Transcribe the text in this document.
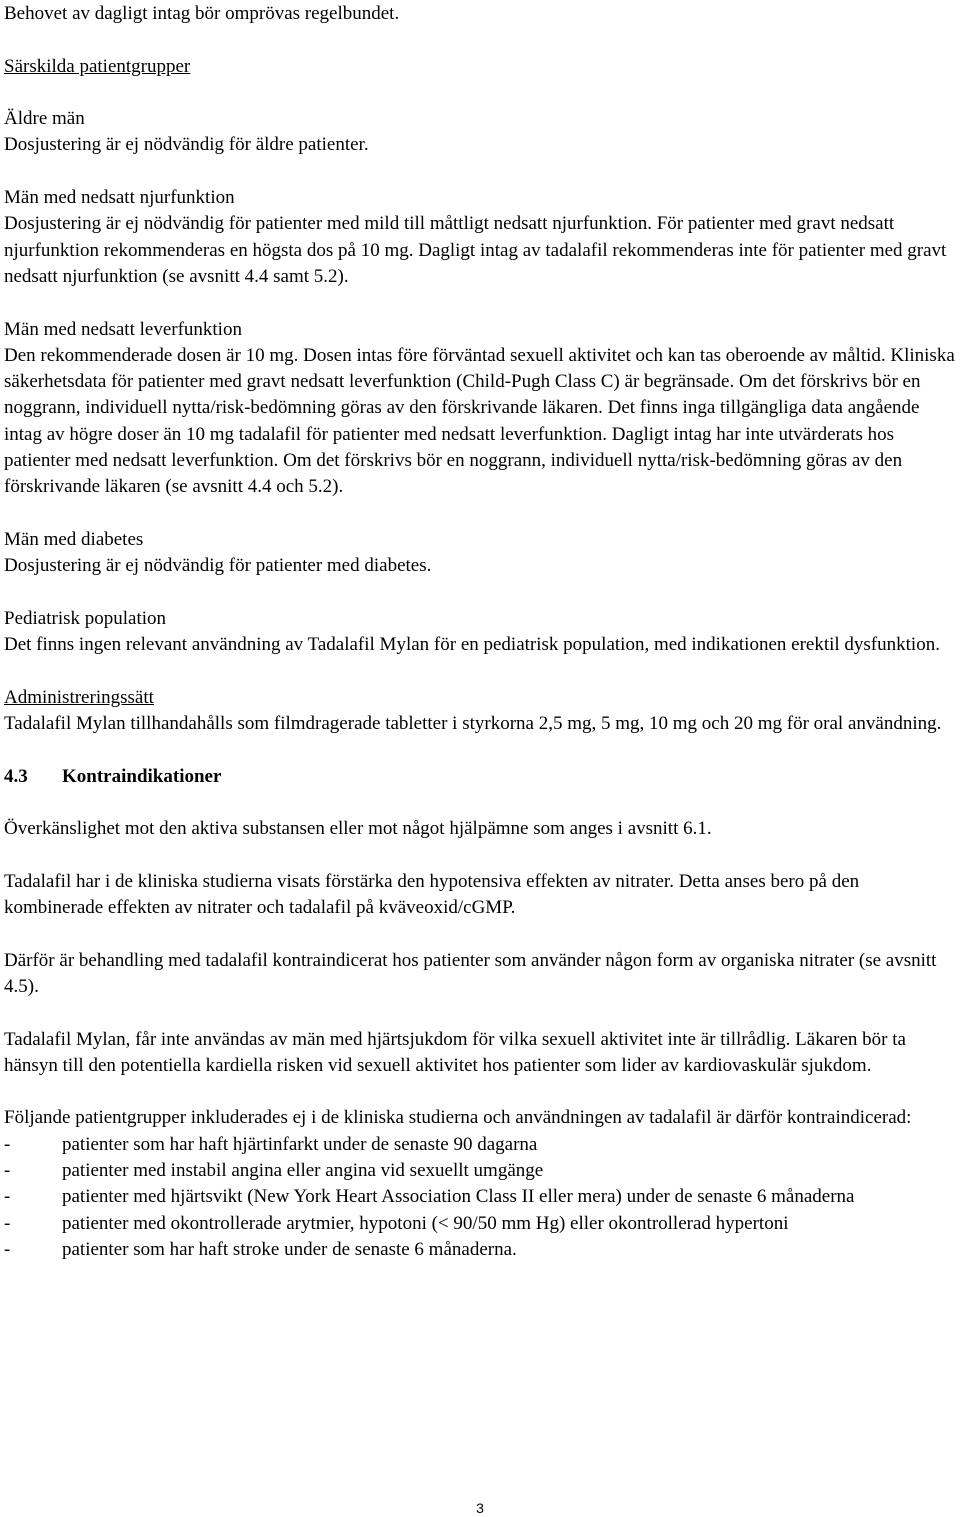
Behovet av dagligt intag bör omprövas regelbundet.

Särskilda patientgrupper

Äldre män

Dosjustering är ej nödvändig för äldre patienter.

Män med nedsatt njurfunktion

Dosjustering är ej nödvändig för patienter med mild till måttligt nedsatt njurfunktion. För patienter med gravt nedsatt njurfunktion rekommenderas en högsta dos på 10 mg. Dagligt intag av tadalafil rekommenderas inte för patienter med gravt nedsatt njurfunktion (se avsnitt 4.4 samt 5.2).

Män med nedsatt leverfunktion

Den rekommenderade dosen är 10 mg. Dosen intas före förväntad sexuell aktivitet och kan tas oberoende av måltid. Kliniska säkerhetsdata för patienter med gravt nedsatt leverfunktion (Child-Pugh Class C) är begränsade. Om det förskrivs bör en noggrann, individuell nytta/risk-bedömning göras av den förskrivande läkaren. Det finns inga tillgängliga data angående intag av högre doser än 10 mg tadalafil för patienter med nedsatt leverfunktion. Dagligt intag har inte utvärderats hos patienter med nedsatt leverfunktion. Om det förskrivs bör en noggrann, individuell nytta/risk-bedömning göras av den förskrivande läkaren (se avsnitt 4.4 och 5.2).

Män med diabetes

Dosjustering är ej nödvändig för patienter med diabetes.

Pediatrisk population

Det finns ingen relevant användning av Tadalafil Mylan för en pediatrisk population, med indikationen erektil dysfunktion.

Administreringssätt

Tadalafil Mylan tillhandahålls som filmdragerade tabletter i styrkorna 2,5 mg, 5 mg, 10 mg och 20 mg för oral användning.

4.3 Kontraindikationer

Överkänslighet mot den aktiva substansen eller mot något hjälpämne som anges i avsnitt 6.1.

Tadalafil har i de kliniska studierna visats förstärka den hypotensiva effekten av nitrater. Detta anses bero på den kombinerade effekten av nitrater och tadalafil på kväveoxid/cGMP.

Därför är behandling med tadalafil kontraindicerat hos patienter som använder någon form av organiska nitrater (se avsnitt 4.5).

Tadalafil Mylan, får inte användas av män med hjärtsjukdom för vilka sexuell aktivitet inte är tillrådlig. Läkaren bör ta hänsyn till den potentiella kardiella risken vid sexuell aktivitet hos patienter som lider av kardiovaskulär sjukdom.

Följande patientgrupper inkluderades ej i de kliniska studierna och användningen av tadalafil är därför kontraindicerad:

-	patienter som har haft hjärtinfarkt under de senaste 90 dagarna
-	patienter med instabil angina eller angina vid sexuellt umgänge
-	patienter med hjärtsvikt (New York Heart Association Class II eller mera) under de senaste 6 månaderna
-	patienter med okontrollerade arytmier, hypotoni (< 90/50 mm Hg) eller okontrollerad hypertoni
-	patienter som har haft stroke under de senaste 6 månaderna.
3
